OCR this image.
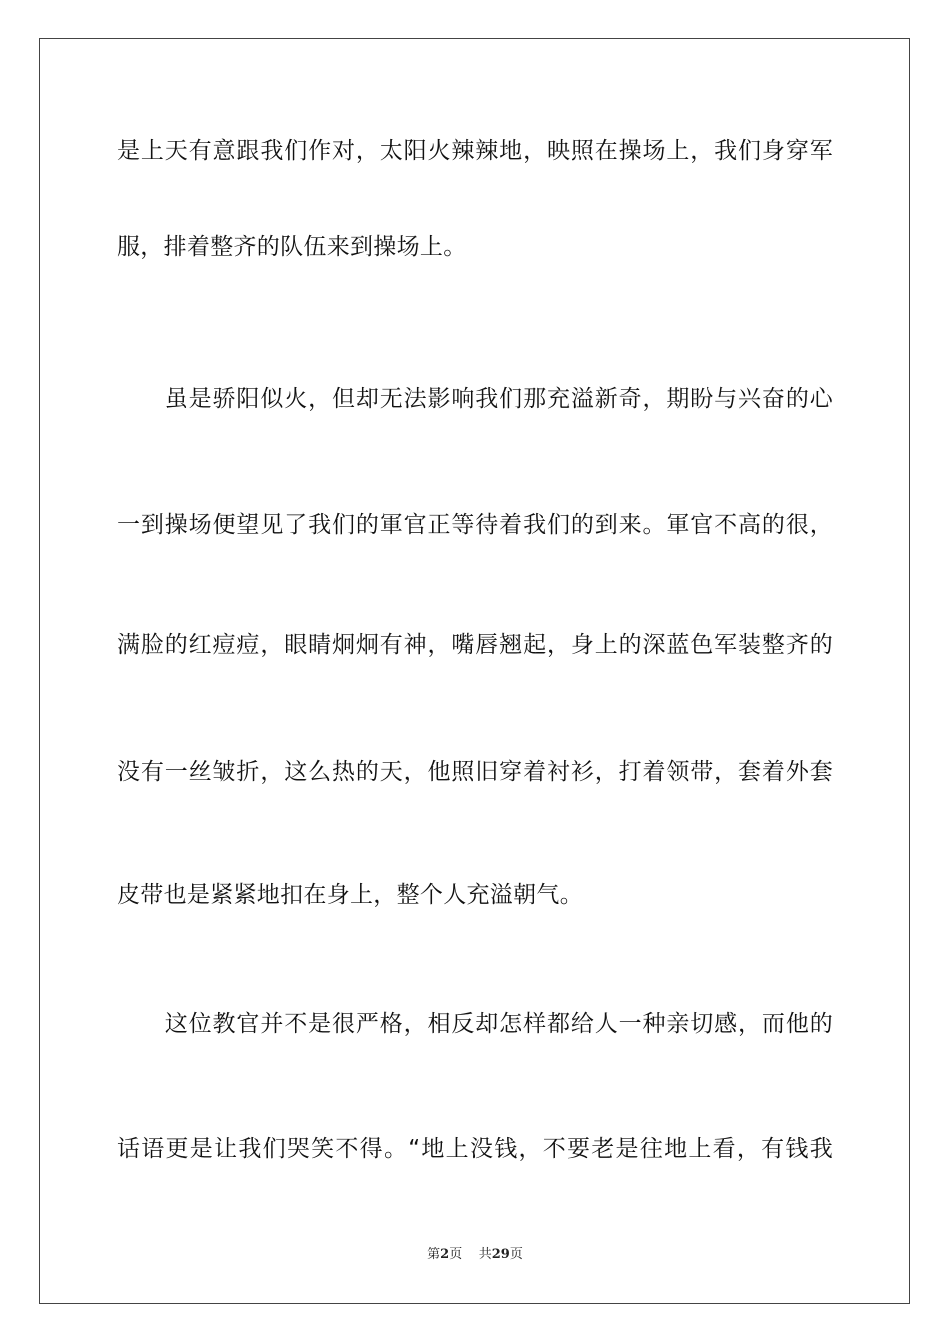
是上天有意跟我们作对，太阳火辣辣地，映照在操场上，我们身穿军
服，排着整齐的队伍来到操场上。
　　虽是骄阳似火，但却无法影响我们那充溢新奇，期盼与兴奋的心
一到操场便望见了我们的軍官正等待着我们的到来。軍官不高的很，
满脸的红痘痘，眼睛炯炯有神，嘴唇翘起，身上的深蓝色军装整齐的
没有一丝皱折，这么热的天，他照旧穿着衬衫，打着领带，套着外套
皮带也是紧紧地扣在身上，整个人充溢朝气。
　　这位教官并不是很严格，相反却怎样都给人一种亲切感，而他的
话语更是让我们哭笑不得。“地上没钱，不要老是往地上看，有钱我
第2页 共29页
